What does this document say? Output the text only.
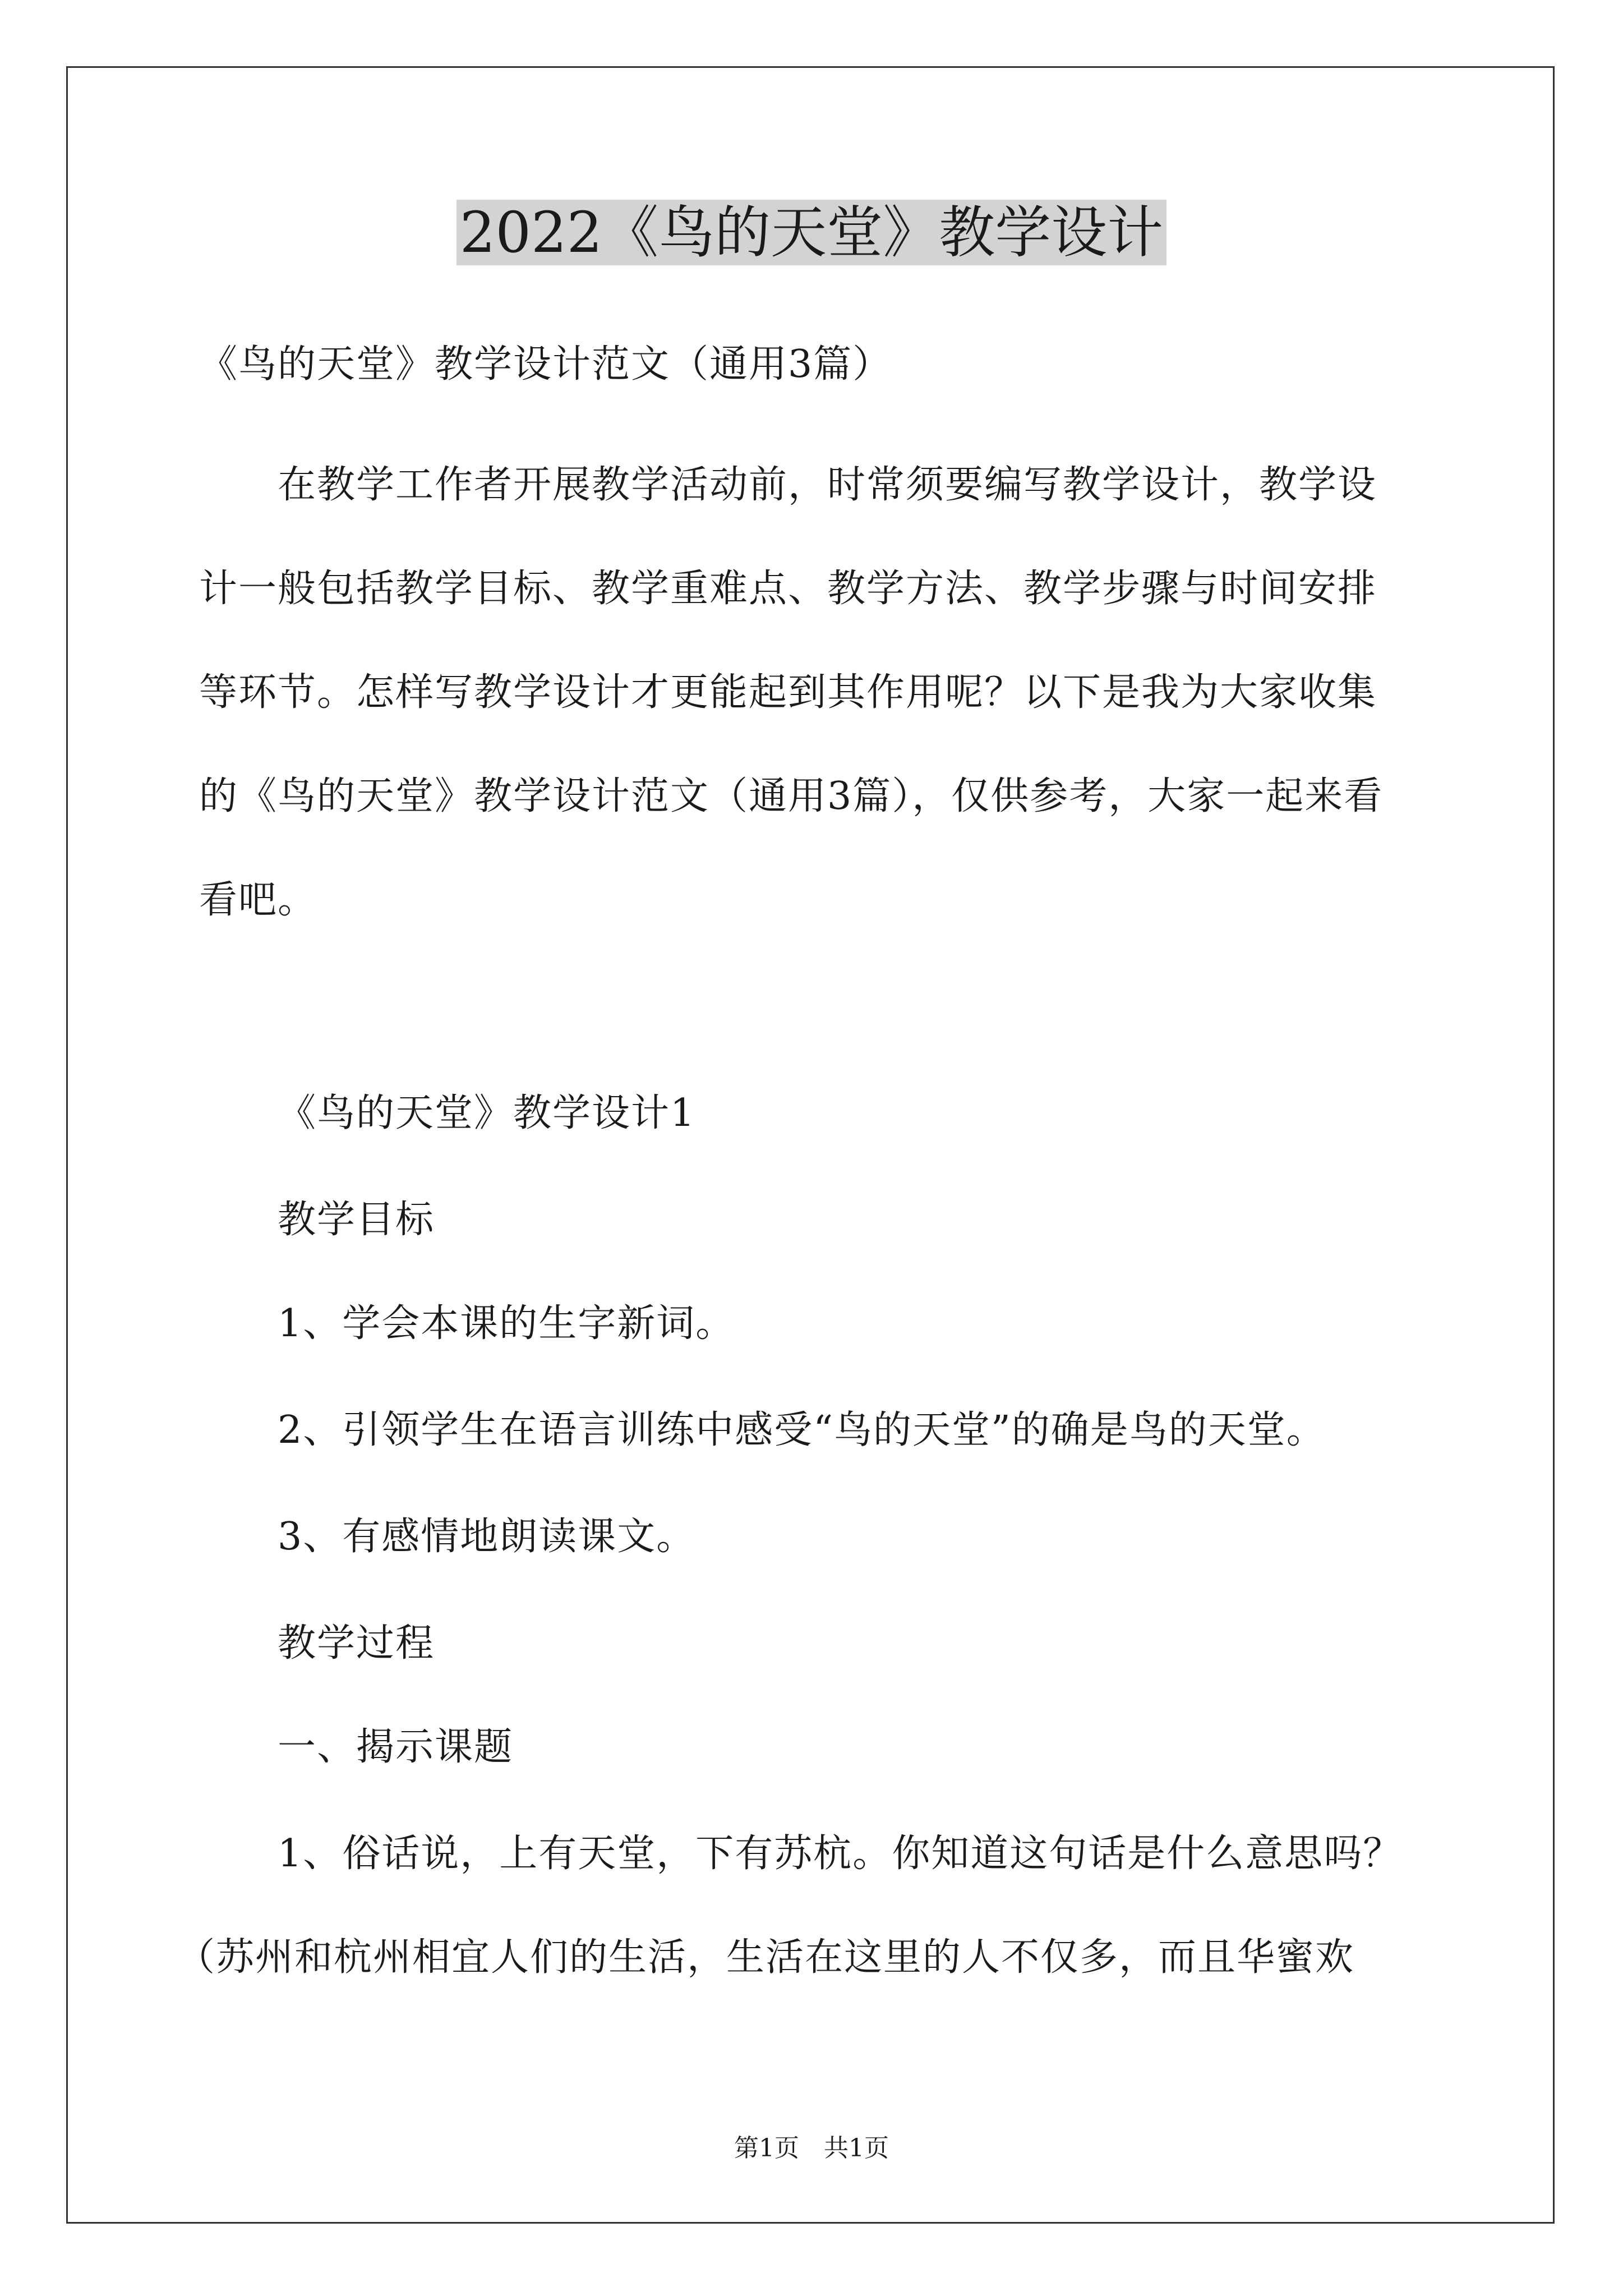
2022《鸟的天堂》教学设计
《鸟的天堂》教学设计范文（通用3篇）
在教学工作者开展教学活动前，时常须要编写教学设计，教学设
计一般包括教学目标、教学重难点、教学方法、教学步骤与时间安排
等环节。怎样写教学设计才更能起到其作用呢？以下是我为大家收集
的《鸟的天堂》教学设计范文（通用3篇），仅供参考，大家一起来看
看吧。
《鸟的天堂》教学设计1
教学目标
1、学会本课的生字新词。
2、引领学生在语言训练中感受“鸟的天堂”的确是鸟的天堂。
3、有感情地朗读课文。
教学过程
一、揭示课题
1、俗话说，上有天堂，下有苏杭。你知道这句话是什么意思吗？
（苏州和杭州相宜人们的生活，生活在这里的人不仅多，而且华蜜欢
第1页　共1页
